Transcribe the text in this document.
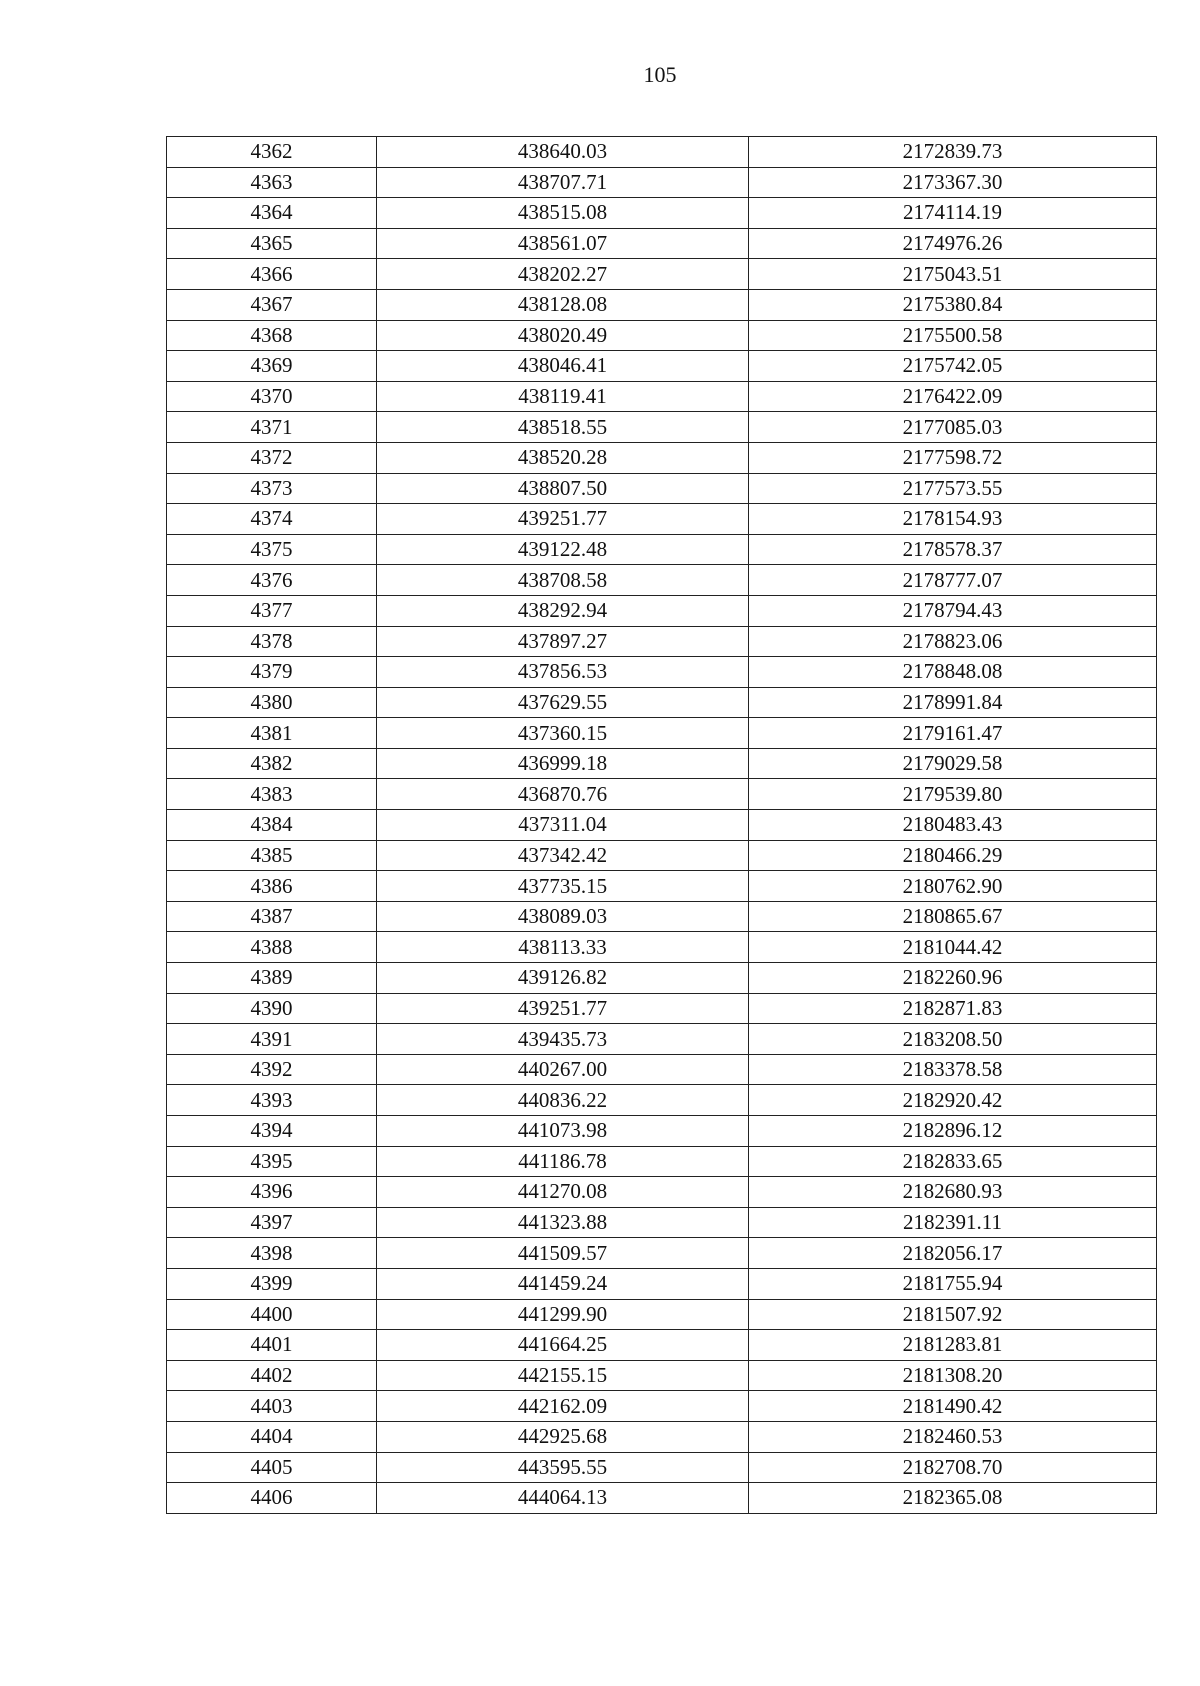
105
4362	438640.03	2172839.73
4363	438707.71	2173367.30
4364	438515.08	2174114.19
4365	438561.07	2174976.26
4366	438202.27	2175043.51
4367	438128.08	2175380.84
4368	438020.49	2175500.58
4369	438046.41	2175742.05
4370	438119.41	2176422.09
4371	438518.55	2177085.03
4372	438520.28	2177598.72
4373	438807.50	2177573.55
4374	439251.77	2178154.93
4375	439122.48	2178578.37
4376	438708.58	2178777.07
4377	438292.94	2178794.43
4378	437897.27	2178823.06
4379	437856.53	2178848.08
4380	437629.55	2178991.84
4381	437360.15	2179161.47
4382	436999.18	2179029.58
4383	436870.76	2179539.80
4384	437311.04	2180483.43
4385	437342.42	2180466.29
4386	437735.15	2180762.90
4387	438089.03	2180865.67
4388	438113.33	2181044.42
4389	439126.82	2182260.96
4390	439251.77	2182871.83
4391	439435.73	2183208.50
4392	440267.00	2183378.58
4393	440836.22	2182920.42
4394	441073.98	2182896.12
4395	441186.78	2182833.65
4396	441270.08	2182680.93
4397	441323.88	2182391.11
4398	441509.57	2182056.17
4399	441459.24	2181755.94
4400	441299.90	2181507.92
4401	441664.25	2181283.81
4402	442155.15	2181308.20
4403	442162.09	2181490.42
4404	442925.68	2182460.53
4405	443595.55	2182708.70
4406	444064.13	2182365.08
